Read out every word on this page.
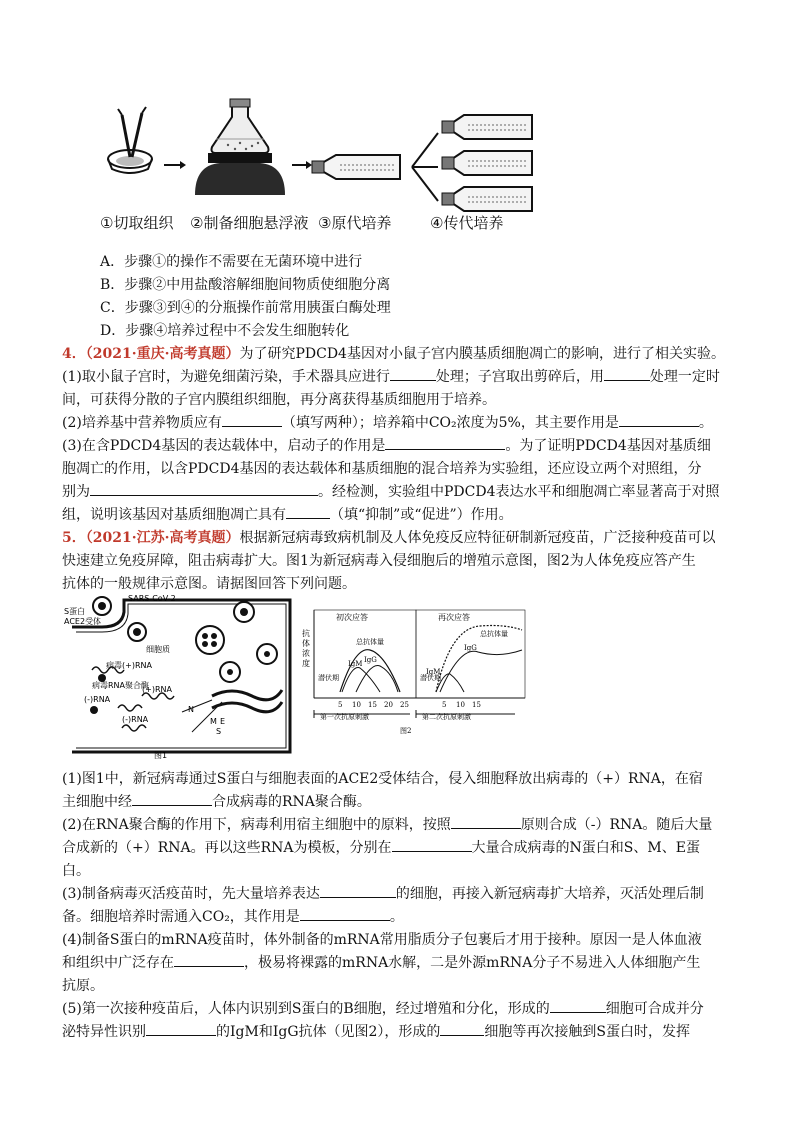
①切取组织 ②制备细胞悬浮液 ③原代培养	④传代培养
A．步骤①的操作不需要在无菌环境中进行
B．步骤②中用盐酸溶解细胞间物质使细胞分离
C．步骤③到④的分瓶操作前常用胰蛋白酶处理
D．步骤④培养过程中不会发生细胞转化
4．（2021·重庆·高考真题）为了研究PDCD4基因对小鼠子宫内膜基质细胞凋亡的影响，进行了相关实验。
(1)取小鼠子宫时，为避免细菌污染，手术器具应进行	处理；子宫取出剪碎后，用	处理一定时
间，可获得分散的子宫内膜组织细胞，再分离获得基质细胞用于培养。
(2)培养基中营养物质应有	（填写两种）；培养箱中CO₂浓度为5%，其主要作用是	。
(3)在含PDCD4基因的表达载体中，启动子的作用是	。为了证明PDCD4基因对基质细
胞凋亡的作用，以含PDCD4基因的表达载体和基质细胞的混合培养为实验组，还应设立两个对照组，分
别为	。经检测，实验组中PDCD4表达水平和细胞凋亡率显著高于对照
组，说明该基因对基质细胞凋亡具有	（填“抑制”或“促进”）作用。
5．（2021·江苏·高考真题）根据新冠病毒致病机制及人体免疫反应特征研制新冠疫苗，广泛接种疫苗可以
快速建立免疫屏障，阻击病毒扩大。图1为新冠病毒入侵细胞后的增殖示意图，图2为人体免疫应答产生
抗体的一般规律示意图。请据图回答下列问题。
SARS-CoV-2
S蛋白
ACE2受体
细胞质
病毒(+)RNA
病毒RNA聚合酶
(+)RNA
(-)RNA
(-)RNA
N
M E
S
图1
抗
体
浓
度
初次应答	再次应答
总抗体量
IgM IgG
总抗体量
IgM
IgG
潜伏期	潜伏期
5 10 15 20 25	5 10 15
第一次抗原刺激	第二次抗原刺激
图2
(1)图1中，新冠病毒通过S蛋白与细胞表面的ACE2受体结合，侵入细胞释放出病毒的（+）RNA，在宿
主细胞中经	合成病毒的RNA聚合酶。
(2)在RNA聚合酶的作用下，病毒利用宿主细胞中的原料，按照	原则合成（-）RNA。随后大量
合成新的（+）RNA。再以这些RNA为模板，分别在	大量合成病毒的N蛋白和S、M、E蛋
白。
(3)制备病毒灭活疫苗时，先大量培养表达	的细胞，再接入新冠病毒扩大培养，灭活处理后制
备。细胞培养时需通入CO₂，其作用是	。
(4)制备S蛋白的mRNA疫苗时，体外制备的mRNA常用脂质分子包裹后才用于接种。原因一是人体血液
和组织中广泛存在	，极易将裸露的mRNA水解，二是外源mRNA分子不易进入人体细胞产生
抗原。
(5)第一次接种疫苗后，人体内识别到S蛋白的B细胞，经过增殖和分化，形成的	细胞可合成并分
泌特异性识别	的IgM和IgG抗体（见图2），形成的	细胞等再次接触到S蛋白时，发挥
